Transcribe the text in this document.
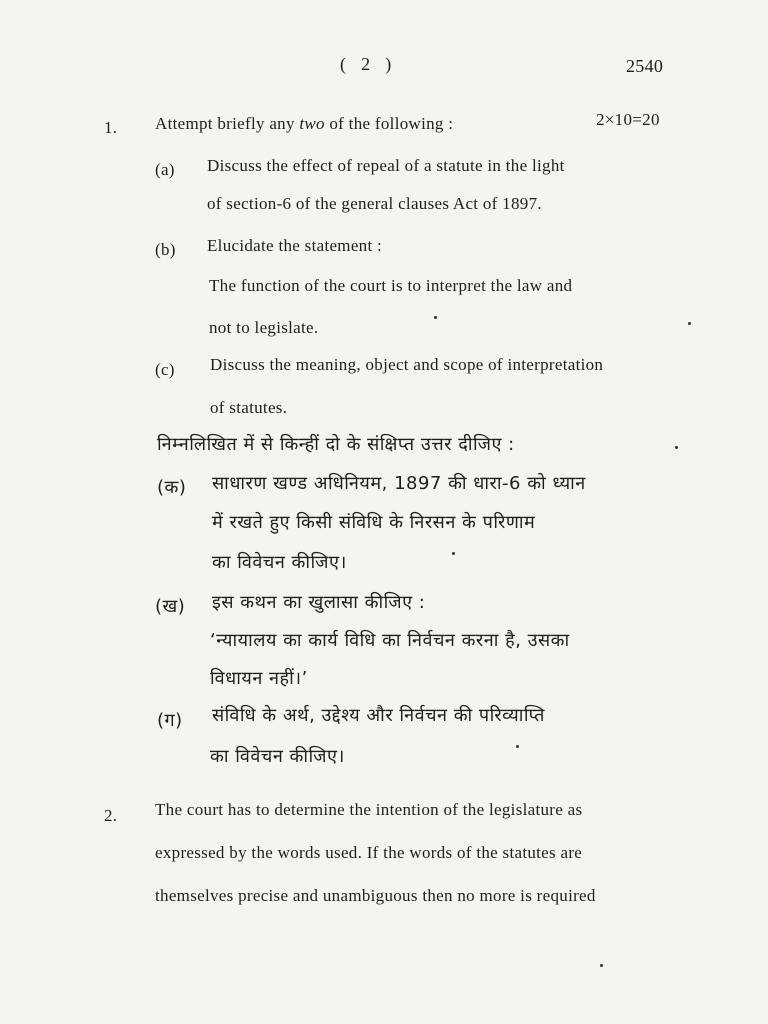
( 2 )	2540
1. Attempt briefly any two of the following :	2×10=20
(a) Discuss the effect of repeal of a statute in the light
of section-6 of the general clauses Act of 1897.
(b) Elucidate the statement :
The function of the court is to interpret the law and
not to legislate.
(c) Discuss the meaning, object and scope of interpretation
of statutes.
निम्नलिखित में से किन्हीं दो के संक्षिप्त उत्तर दीजिए :
(क) साधारण खण्ड अधिनियम, 1897 की धारा-6 को ध्यान
में रखते हुए किसी संविधि के निरसन के परिणाम
का विवेचन कीजिए।
(ख) इस कथन का खुलासा कीजिए :
‘न्यायालय का कार्य विधि का निर्वचन करना है, उसका
विधायन नहीं।’
(ग) संविधि के अर्थ, उद्देश्य और निर्वचन की परिव्याप्ति
का विवेचन कीजिए।
2. The court has to determine the intention of the legislature as
expressed by the words used. If the words of the statutes are
themselves precise and unambiguous then no more is required
